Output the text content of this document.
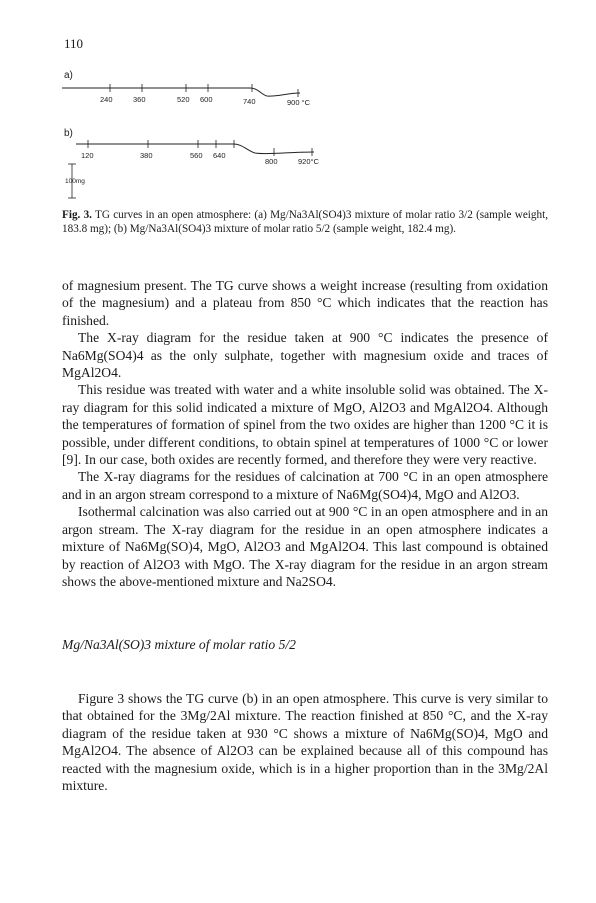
110
a)
240	360	520 600	740	900 °C
b)
120	380	560 640
800	920°C
100mg
Fig. 3. TG curves in an open atmosphere: (a) Mg/Na3Al(SO4)3 mixture of molar ratio 3/2 (sample weight, 183.8 mg); (b) Mg/Na3Al(SO4)3 mixture of molar ratio 5/2 (sample weight, 182.4 mg).

of magnesium present. The TG curve shows a weight increase (resulting from oxidation of the magnesium) and a plateau from 850 °C which indicates that the reaction has finished.

The X-ray diagram for the residue taken at 900 °C indicates the presence of Na6Mg(SO4)4 as the only sulphate, together with magnesium oxide and traces of MgAl2O4.

This residue was treated with water and a white insoluble solid was obtained. The X-ray diagram for this solid indicated a mixture of MgO, Al2O3 and MgAl2O4. Although the temperatures of formation of spinel from the two oxides are higher than 1200 °C it is possible, under different conditions, to obtain spinel at temperatures of 1000 °C or lower [9]. In our case, both oxides are recently formed, and therefore they were very reactive.

The X-ray diagrams for the residues of calcination at 700 °C in an open atmosphere and in an argon stream correspond to a mixture of Na6Mg(SO4)4, MgO and Al2O3.

Isothermal calcination was also carried out at 900 °C in an open atmosphere and in an argon stream. The X-ray diagram for the residue in an open atmosphere indicates a mixture of Na6Mg(SO)4, MgO, Al2O3 and MgAl2O4. This last compound is obtained by reaction of Al2O3 with MgO. The X-ray diagram for the residue in an argon stream shows the above-mentioned mixture and Na2SO4.

Mg/Na3Al(SO)3 mixture of molar ratio 5/2

Figure 3 shows the TG curve (b) in an open atmosphere. This curve is very similar to that obtained for the 3Mg/2Al mixture. The reaction finished at 850 °C, and the X-ray diagram of the residue taken at 930 °C shows a mixture of Na6Mg(SO)4, MgO and MgAl2O4. The absence of Al2O3 can be explained because all of this compound has reacted with the magnesium oxide, which is in a higher proportion than in the 3Mg/2Al mixture.
